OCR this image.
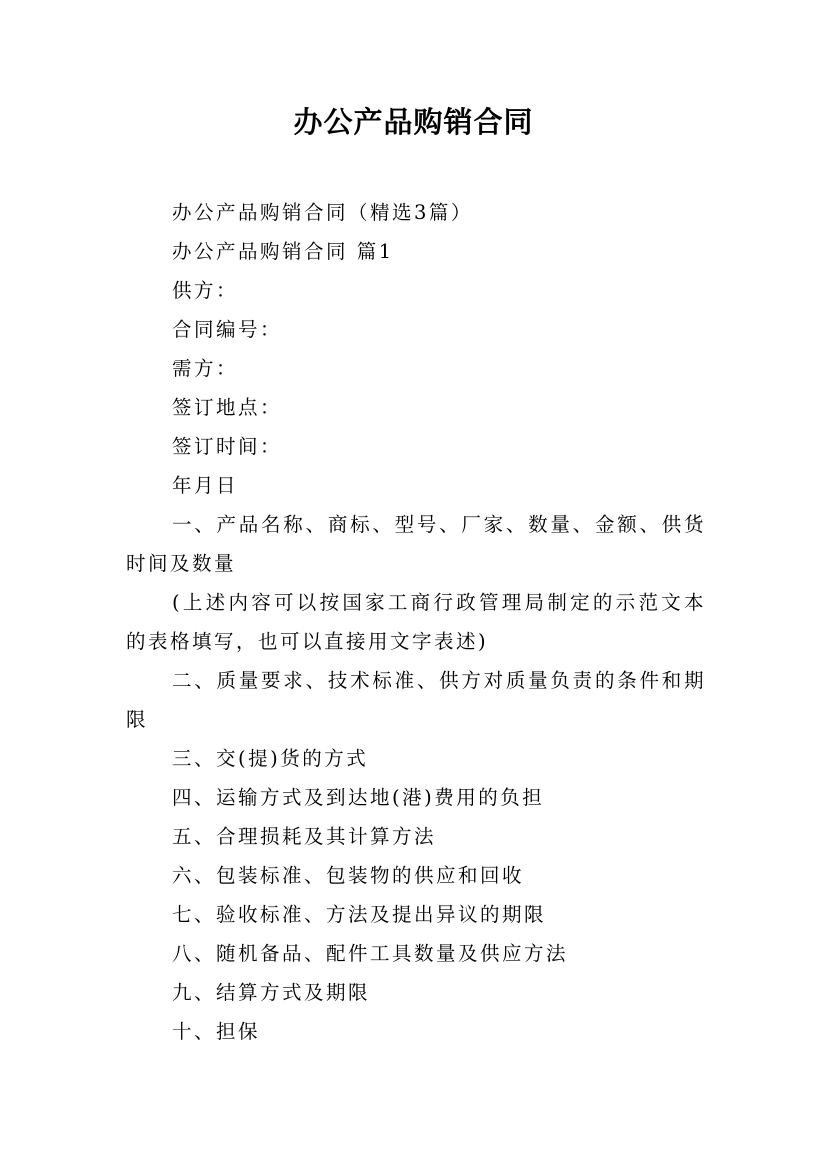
办公产品购销合同

办公产品购销合同（精选3篇）

办公产品购销合同 篇1

供方：

合同编号：

需方：

签订地点：

签订时间：

年月日

一、产品名称、商标、型号、厂家、数量、金额、供货时间及数量

(上述内容可以按国家工商行政管理局制定的示范文本的表格填写，也可以直接用文字表述)

二、质量要求、技术标准、供方对质量负责的条件和期限

三、交(提)货的方式

四、运输方式及到达地(港)费用的负担

五、合理损耗及其计算方法

六、包装标准、包装物的供应和回收

七、验收标准、方法及提出异议的期限

八、随机备品、配件工具数量及供应方法

九、结算方式及期限

十、担保
